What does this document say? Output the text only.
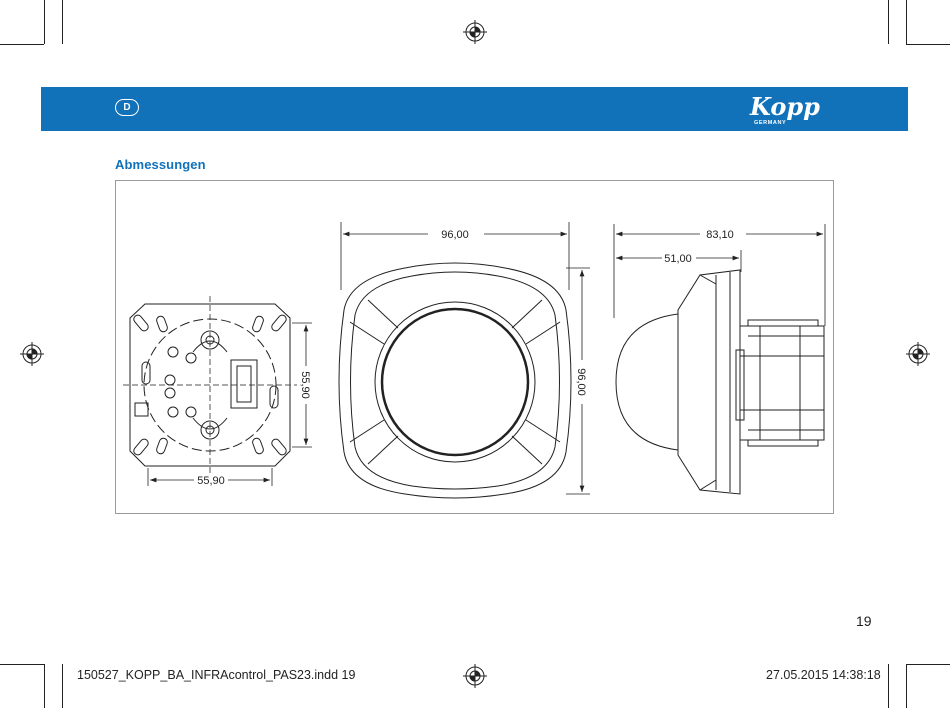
D	Kopp
GERMANY
Abmessungen
55,90
55,90
96,00
96,00
83,10
51,00
19
150527_KOPP_BA_INFRAcontrol_PAS23.indd 19	27.05.2015 14:38:18
